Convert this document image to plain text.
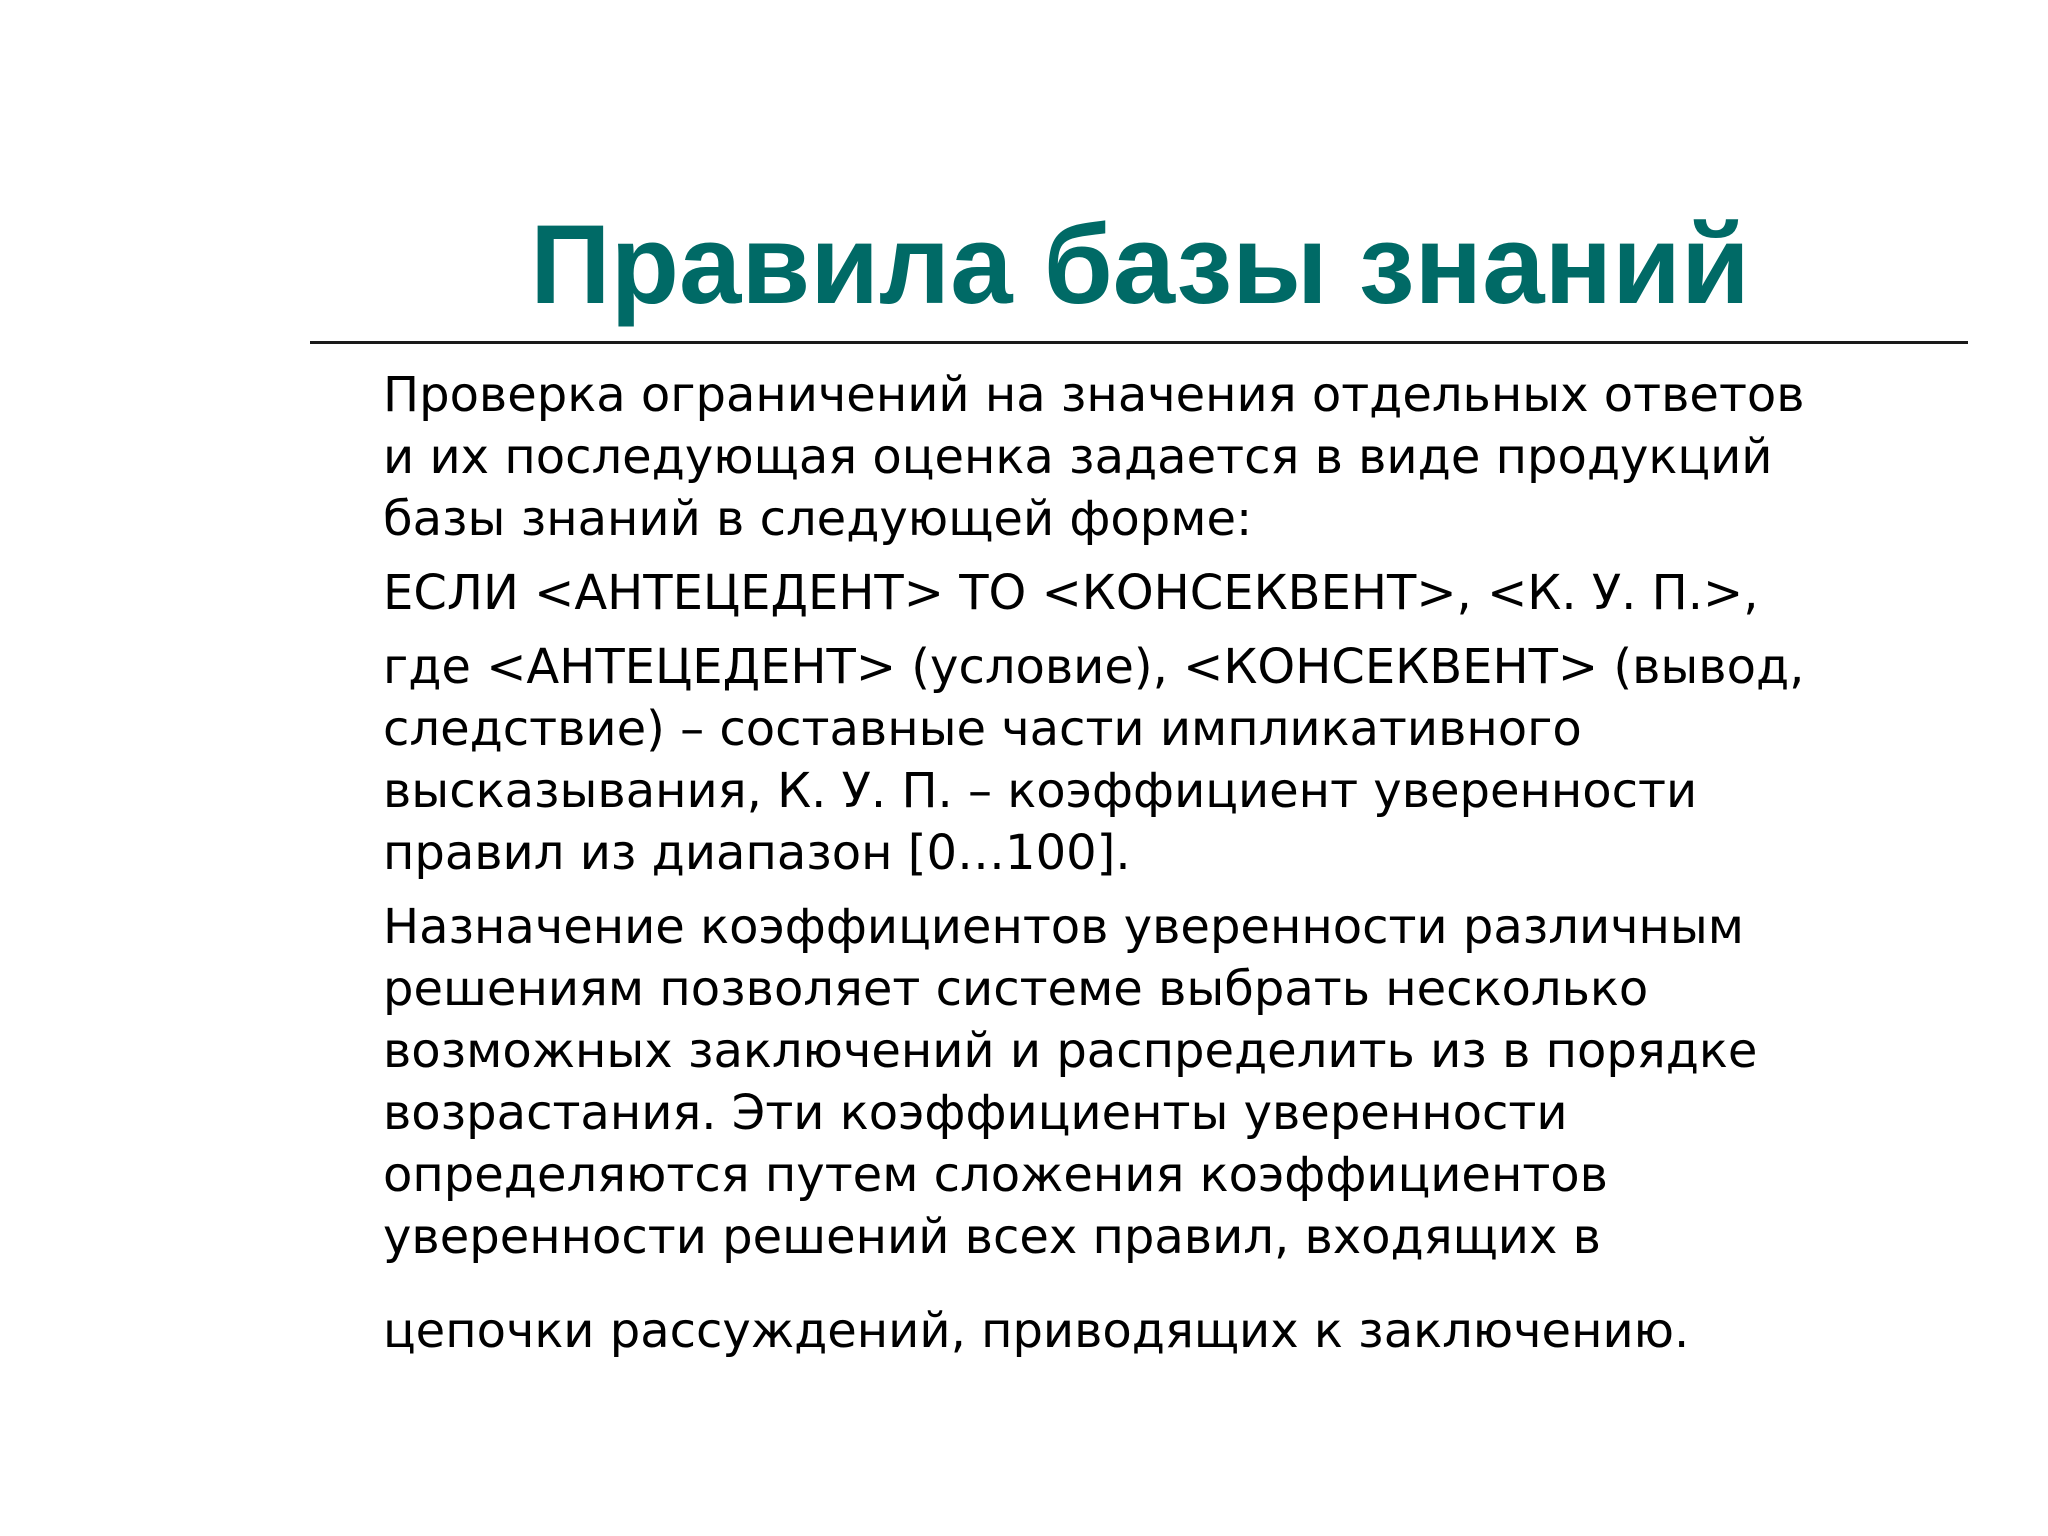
Правила базы знаний

Проверка ограничений на значения отдельных ответов
и их последующая оценка задается в виде продукций
базы знаний в следующей форме:

ЕСЛИ <АНТЕЦЕДЕНТ> ТО <КОНСЕКВЕНТ>, <К. У. П.>,

где <АНТЕЦЕДЕНТ> (условие), <КОНСЕКВЕНТ> (вывод,
следствие) – составные части импликативного
высказывания, К. У. П. – коэффициент уверенности
правил из диапазон [0…100].

Назначение коэффициентов уверенности различным
решениям позволяет системе выбрать несколько
возможных заключений и распределить из в порядке
возрастания. Эти коэффициенты уверенности
определяются путем сложения коэффициентов
уверенности решений всех правил, входящих в
цепочки рассуждений, приводящих к заключению.
